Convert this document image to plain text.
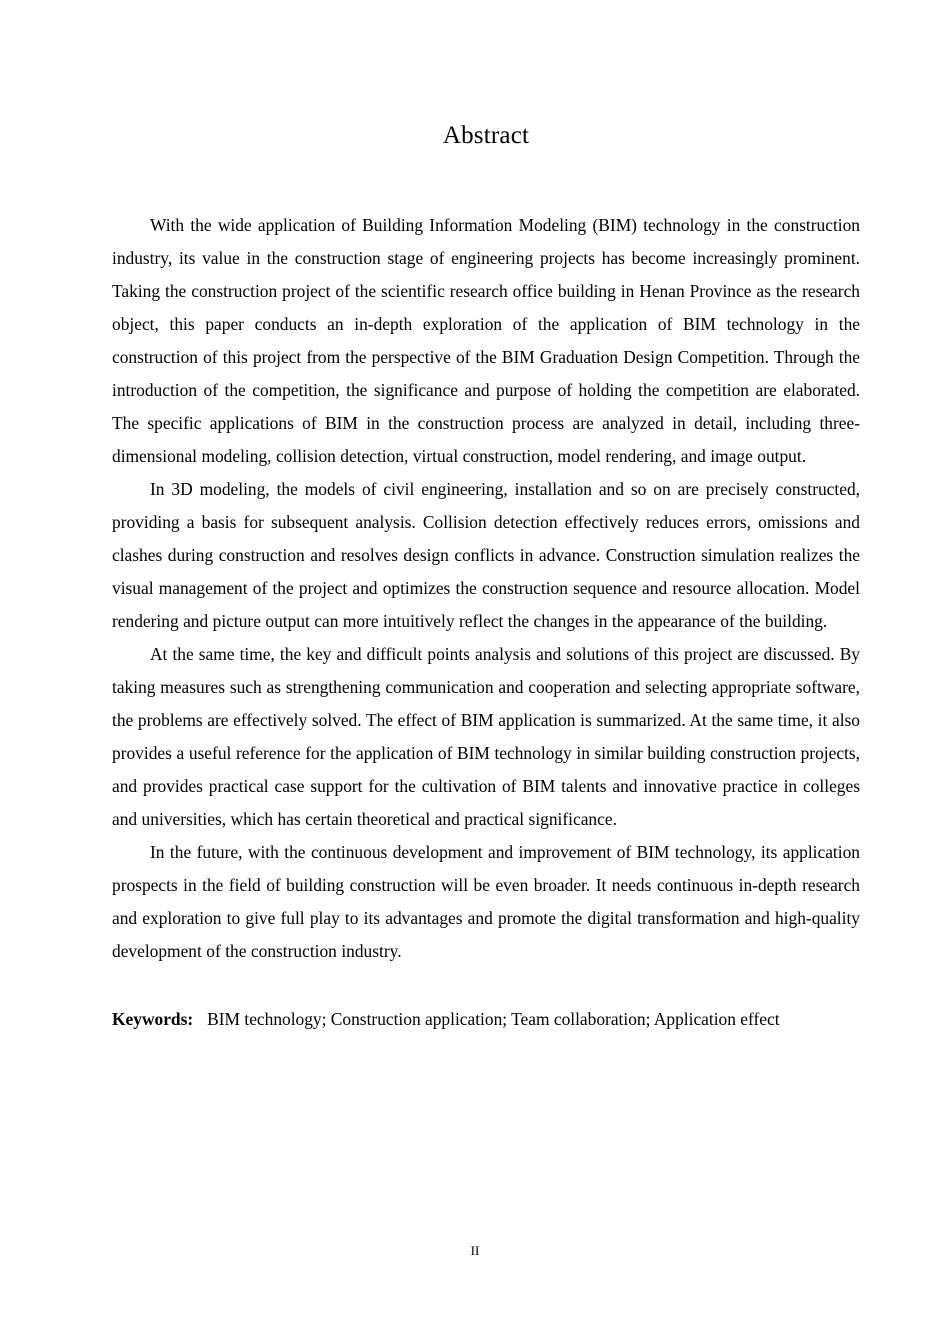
Abstract

With the wide application of Building Information Modeling (BIM) technology in the construction industry, its value in the construction stage of engineering projects has become increasingly prominent. Taking the construction project of the scientific research office building in Henan Province as the research object, this paper conducts an in-depth exploration of the application of BIM technology in the construction of this project from the perspective of the BIM Graduation Design Competition. Through the introduction of the competition, the significance and purpose of holding the competition are elaborated. The specific applications of BIM in the construction process are analyzed in detail, including three-dimensional modeling, collision detection, virtual construction, model rendering, and image output.

In 3D modeling, the models of civil engineering, installation and so on are precisely constructed, providing a basis for subsequent analysis. Collision detection effectively reduces errors, omissions and clashes during construction and resolves design conflicts in advance. Construction simulation realizes the visual management of the project and optimizes the construction sequence and resource allocation. Model rendering and picture output can more intuitively reflect the changes in the appearance of the building.

At the same time, the key and difficult points analysis and solutions of this project are discussed. By taking measures such as strengthening communication and cooperation and selecting appropriate software, the problems are effectively solved. The effect of BIM application is summarized. At the same time, it also provides a useful reference for the application of BIM technology in similar building construction projects, and provides practical case support for the cultivation of BIM talents and innovative practice in colleges and universities, which has certain theoretical and practical significance.

In the future, with the continuous development and improvement of BIM technology, its application prospects in the field of building construction will be even broader. It needs continuous in-depth research and exploration to give full play to its advantages and promote the digital transformation and high-quality development of the construction industry.

Keywords: BIM technology; Construction application; Team collaboration; Application effect

II
